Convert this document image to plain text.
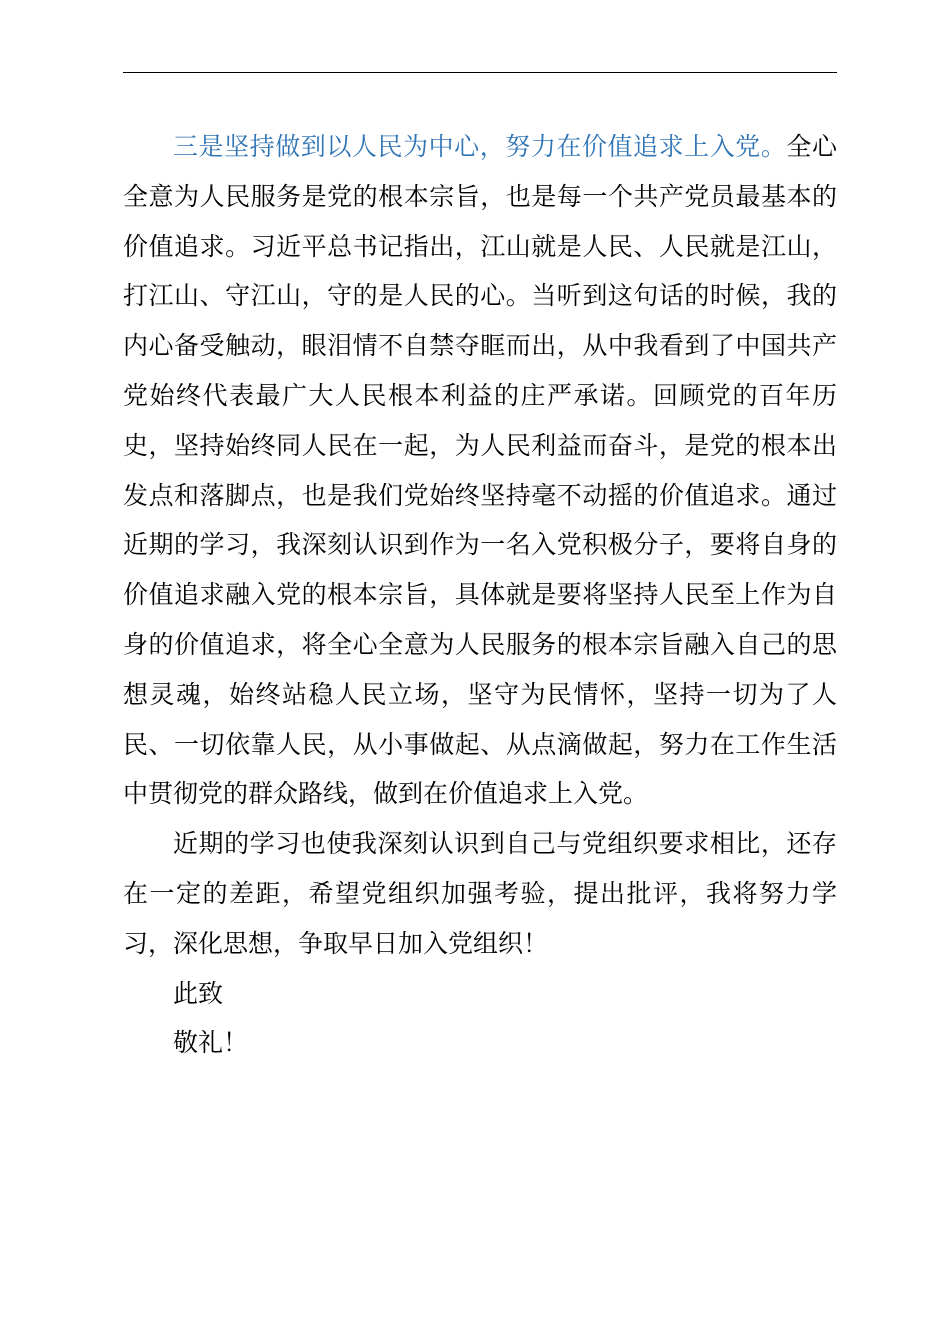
三是坚持做到以人民为中心，努力在价值追求上入党。全心全意为人民服务是党的根本宗旨，也是每一个共产党员最基本的价值追求。习近平总书记指出，江山就是人民、人民就是江山，打江山、守江山，守的是人民的心。当听到这句话的时候，我的内心备受触动，眼泪情不自禁夺眶而出，从中我看到了中国共产党始终代表最广大人民根本利益的庄严承诺。回顾党的百年历史，坚持始终同人民在一起，为人民利益而奋斗，是党的根本出发点和落脚点，也是我们党始终坚持毫不动摇的价值追求。通过近期的学习，我深刻认识到作为一名入党积极分子，要将自身的价值追求融入党的根本宗旨，具体就是要将坚持人民至上作为自身的价值追求，将全心全意为人民服务的根本宗旨融入自己的思想灵魂，始终站稳人民立场，坚守为民情怀，坚持一切为了人民、一切依靠人民，从小事做起、从点滴做起，努力在工作生活中贯彻党的群众路线，做到在价值追求上入党。

近期的学习也使我深刻认识到自己与党组织要求相比，还存在一定的差距，希望党组织加强考验，提出批评，我将努力学习，深化思想，争取早日加入党组织！

此致

敬礼！
